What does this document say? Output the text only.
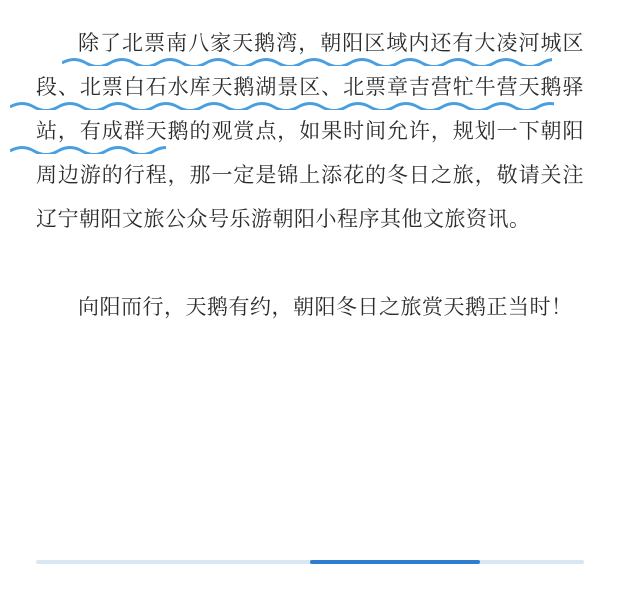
除了北票南八家天鹅湾，朝阳区域内还有大凌河城区段、北票白石水库天鹅湖景区、北票章吉营牤牛营天鹅驿站，有成群天鹅的观赏点，如果时间允许，规划一下朝阳周边游的行程，那一定是锦上添花的冬日之旅，敬请关注辽宁朝阳文旅公众号乐游朝阳小程序其他文旅资讯。

向阳而行，天鹅有约，朝阳冬日之旅赏天鹅正当时！
